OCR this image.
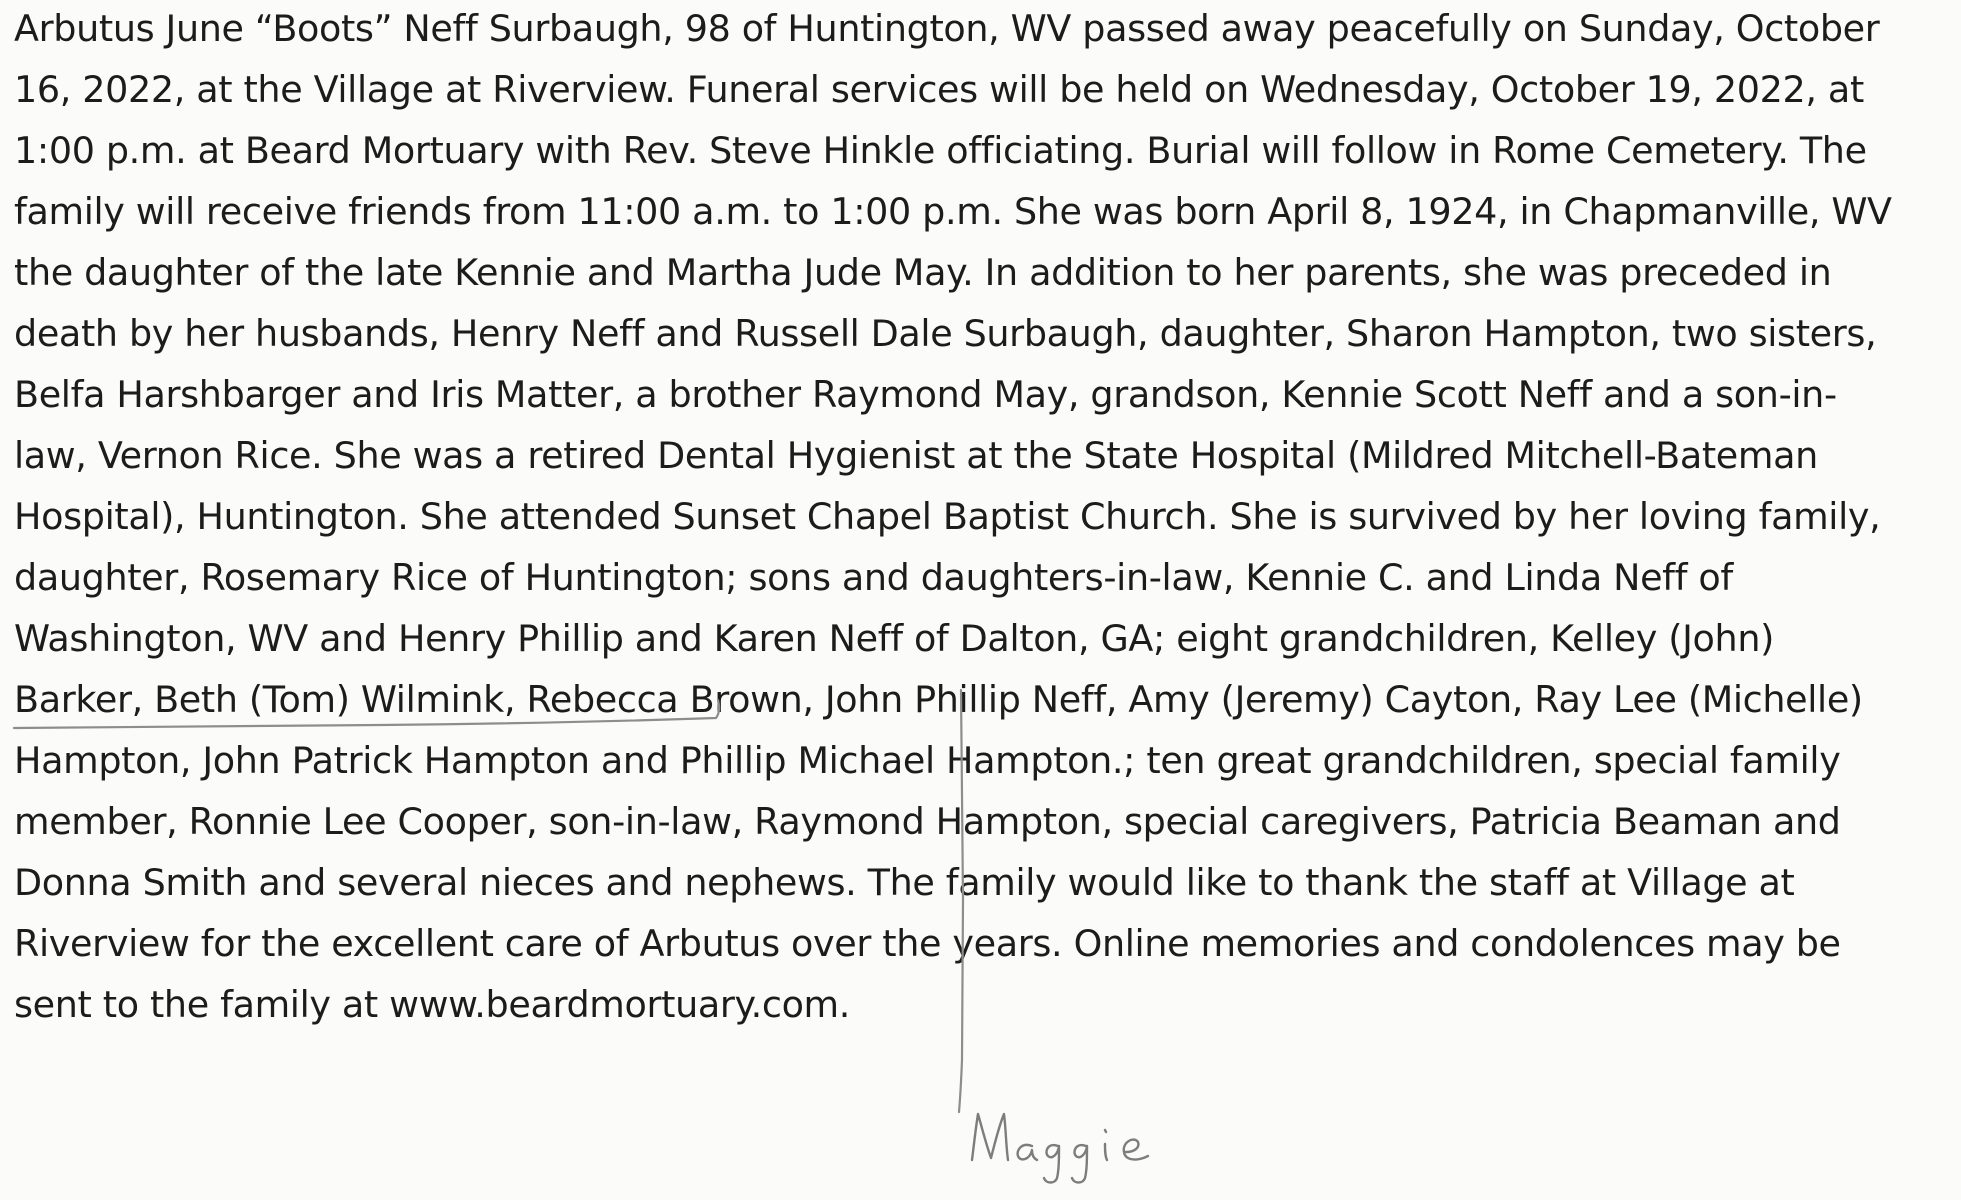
Arbutus June “Boots” Neff Surbaugh, 98 of Huntington, WV passed away peacefully on Sunday, October
16, 2022, at the Village at Riverview. Funeral services will be held on Wednesday, October 19, 2022, at
1:00 p.m. at Beard Mortuary with Rev. Steve Hinkle officiating. Burial will follow in Rome Cemetery. The
family will receive friends from 11:00 a.m. to 1:00 p.m. She was born April 8, 1924, in Chapmanville, WV
the daughter of the late Kennie and Martha Jude May. In addition to her parents, she was preceded in
death by her husbands, Henry Neff and Russell Dale Surbaugh, daughter, Sharon Hampton, two sisters,
Belfa Harshbarger and Iris Matter, a brother Raymond May, grandson, Kennie Scott Neff and a son-in-
law, Vernon Rice. She was a retired Dental Hygienist at the State Hospital (Mildred Mitchell-Bateman
Hospital), Huntington. She attended Sunset Chapel Baptist Church. She is survived by her loving family,
daughter, Rosemary Rice of Huntington; sons and daughters-in-law, Kennie C. and Linda Neff of
Washington, WV and Henry Phillip and Karen Neff of Dalton, GA; eight grandchildren, Kelley (John)
Barker, Beth (Tom) Wilmink, Rebecca Brown, John Phillip Neff, Amy (Jeremy) Cayton, Ray Lee (Michelle)
Hampton, John Patrick Hampton and Phillip Michael Hampton.; ten great grandchildren, special family
member, Ronnie Lee Cooper, son-in-law, Raymond Hampton, special caregivers, Patricia Beaman and
Donna Smith and several nieces and nephews. The family would like to thank the staff at Village at
Riverview for the excellent care of Arbutus over the years. Online memories and condolences may be
sent to the family at www.beardmortuary.com.
